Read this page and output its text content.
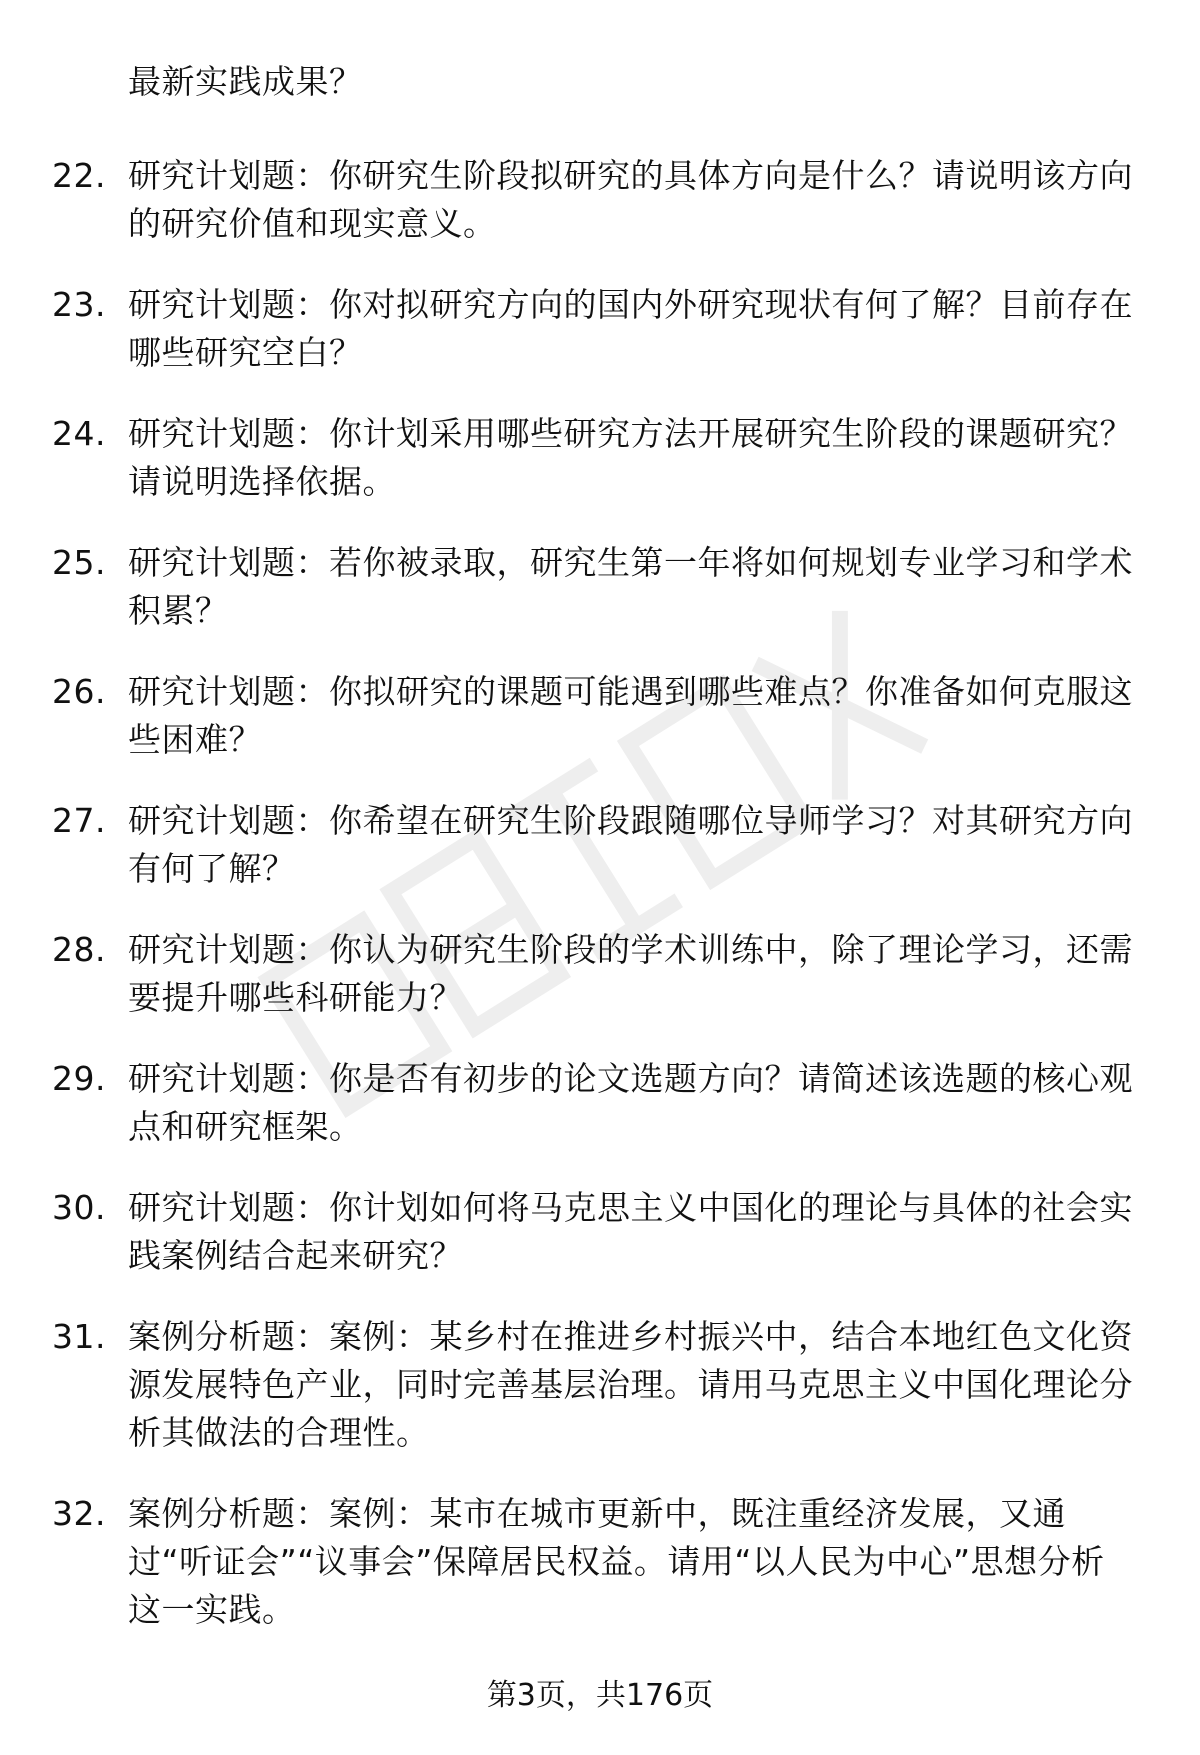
最新实践成果？
22. 研究计划题：你研究生阶段拟研究的具体方向是什么？请说明该方向的研究价值和现实意义。
23. 研究计划题：你对拟研究方向的国内外研究现状有何了解？目前存在哪些研究空白？
24. 研究计划题：你计划采用哪些研究方法开展研究生阶段的课题研究？请说明选择依据。
25. 研究计划题：若你被录取，研究生第一年将如何规划专业学习和学术积累？
26. 研究计划题：你拟研究的课题可能遇到哪些难点？你准备如何克服这些困难？
27. 研究计划题：你希望在研究生阶段跟随哪位导师学习？对其研究方向有何了解？
28. 研究计划题：你认为研究生阶段的学术训练中，除了理论学习，还需要提升哪些科研能力？
29. 研究计划题：你是否有初步的论文选题方向？请简述该选题的核心观点和研究框架。
30. 研究计划题：你计划如何将马克思主义中国化的理论与具体的社会实践案例结合起来研究？
31. 案例分析题：案例：某乡村在推进乡村振兴中，结合本地红色文化资源发展特色产业，同时完善基层治理。请用马克思主义中国化理论分析其做法的合理性。
32. 案例分析题：案例：某市在城市更新中，既注重经济发展，又通过“听证会”“议事会”保障居民权益。请用“以人民为中心”思想分析这一实践。
第3页，共176页
